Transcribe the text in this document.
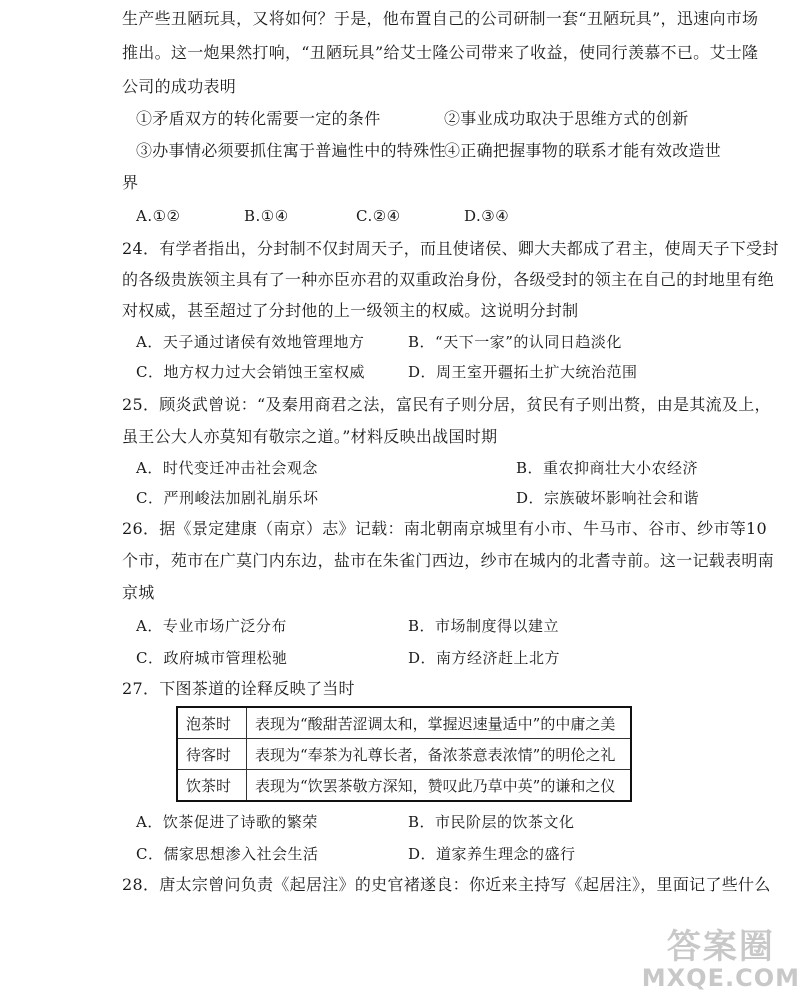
生产些丑陋玩具，又将如何？于是，他布置自己的公司研制一套“丑陋玩具”，迅速向市场
推出。这一炮果然打响，“丑陋玩具”给艾士隆公司带来了收益，使同行羡慕不已。艾士隆
公司的成功表明
①矛盾双方的转化需要一定的条件	②事业成功取决于思维方式的创新
③办事情必须要抓住寓于普遍性中的特殊性
④正确把握事物的联系才能有效改造世
界
A.①②	B.①④	C.②④	D.③④
24．有学者指出，分封制不仅封周天子，而且使诸侯、卿大夫都成了君主，使周天子下受封
的各级贵族领主具有了一种亦臣亦君的双重政治身份，各级受封的领主在自己的封地里有绝
对权威，甚至超过了分封他的上一级领主的权威。这说明分封制
A．天子通过诸侯有效地管理地方	B．“天下一家”的认同日趋淡化
C．地方权力过大会销蚀王室权威	D．周王室开疆拓土扩大统治范围
25．顾炎武曾说：“及秦用商君之法，富民有子则分居，贫民有子则出赘，由是其流及上，
虽王公大人亦莫知有敬宗之道。”材料反映出战国时期
A．时代变迁冲击社会观念	B．重农抑商壮大小农经济
C．严刑峻法加剧礼崩乐坏	D．宗族破坏影响社会和谐
26．据《景定建康（南京）志》记载：南北朝南京城里有小市、牛马市、谷市、纱市等10
个市，苑市在广莫门内东边，盐市在朱雀门西边，纱市在城内的北耆寺前。这一记载表明南
京城
A．专业市场广泛分布	B．市场制度得以建立
C．政府城市管理松驰	D．南方经济赶上北方
27．下图茶道的诠释反映了当时
泡茶时	表现为“酸甜苦涩调太和，掌握迟速量适中”的中庸之美
待客时	表现为“奉茶为礼尊长者，备浓茶意表浓情”的明伦之礼
饮茶时	表现为“饮罢茶敬方深知，赞叹此乃草中英”的谦和之仪
A．饮茶促进了诗歌的繁荣	B．市民阶层的饮茶文化
C．儒家思想渗入社会生活	D．道家养生理念的盛行
28．唐太宗曾问负责《起居注》的史官褚遂良：你近来主持写《起居注》，里面记了些什么
答案圈
MXQE.COM
